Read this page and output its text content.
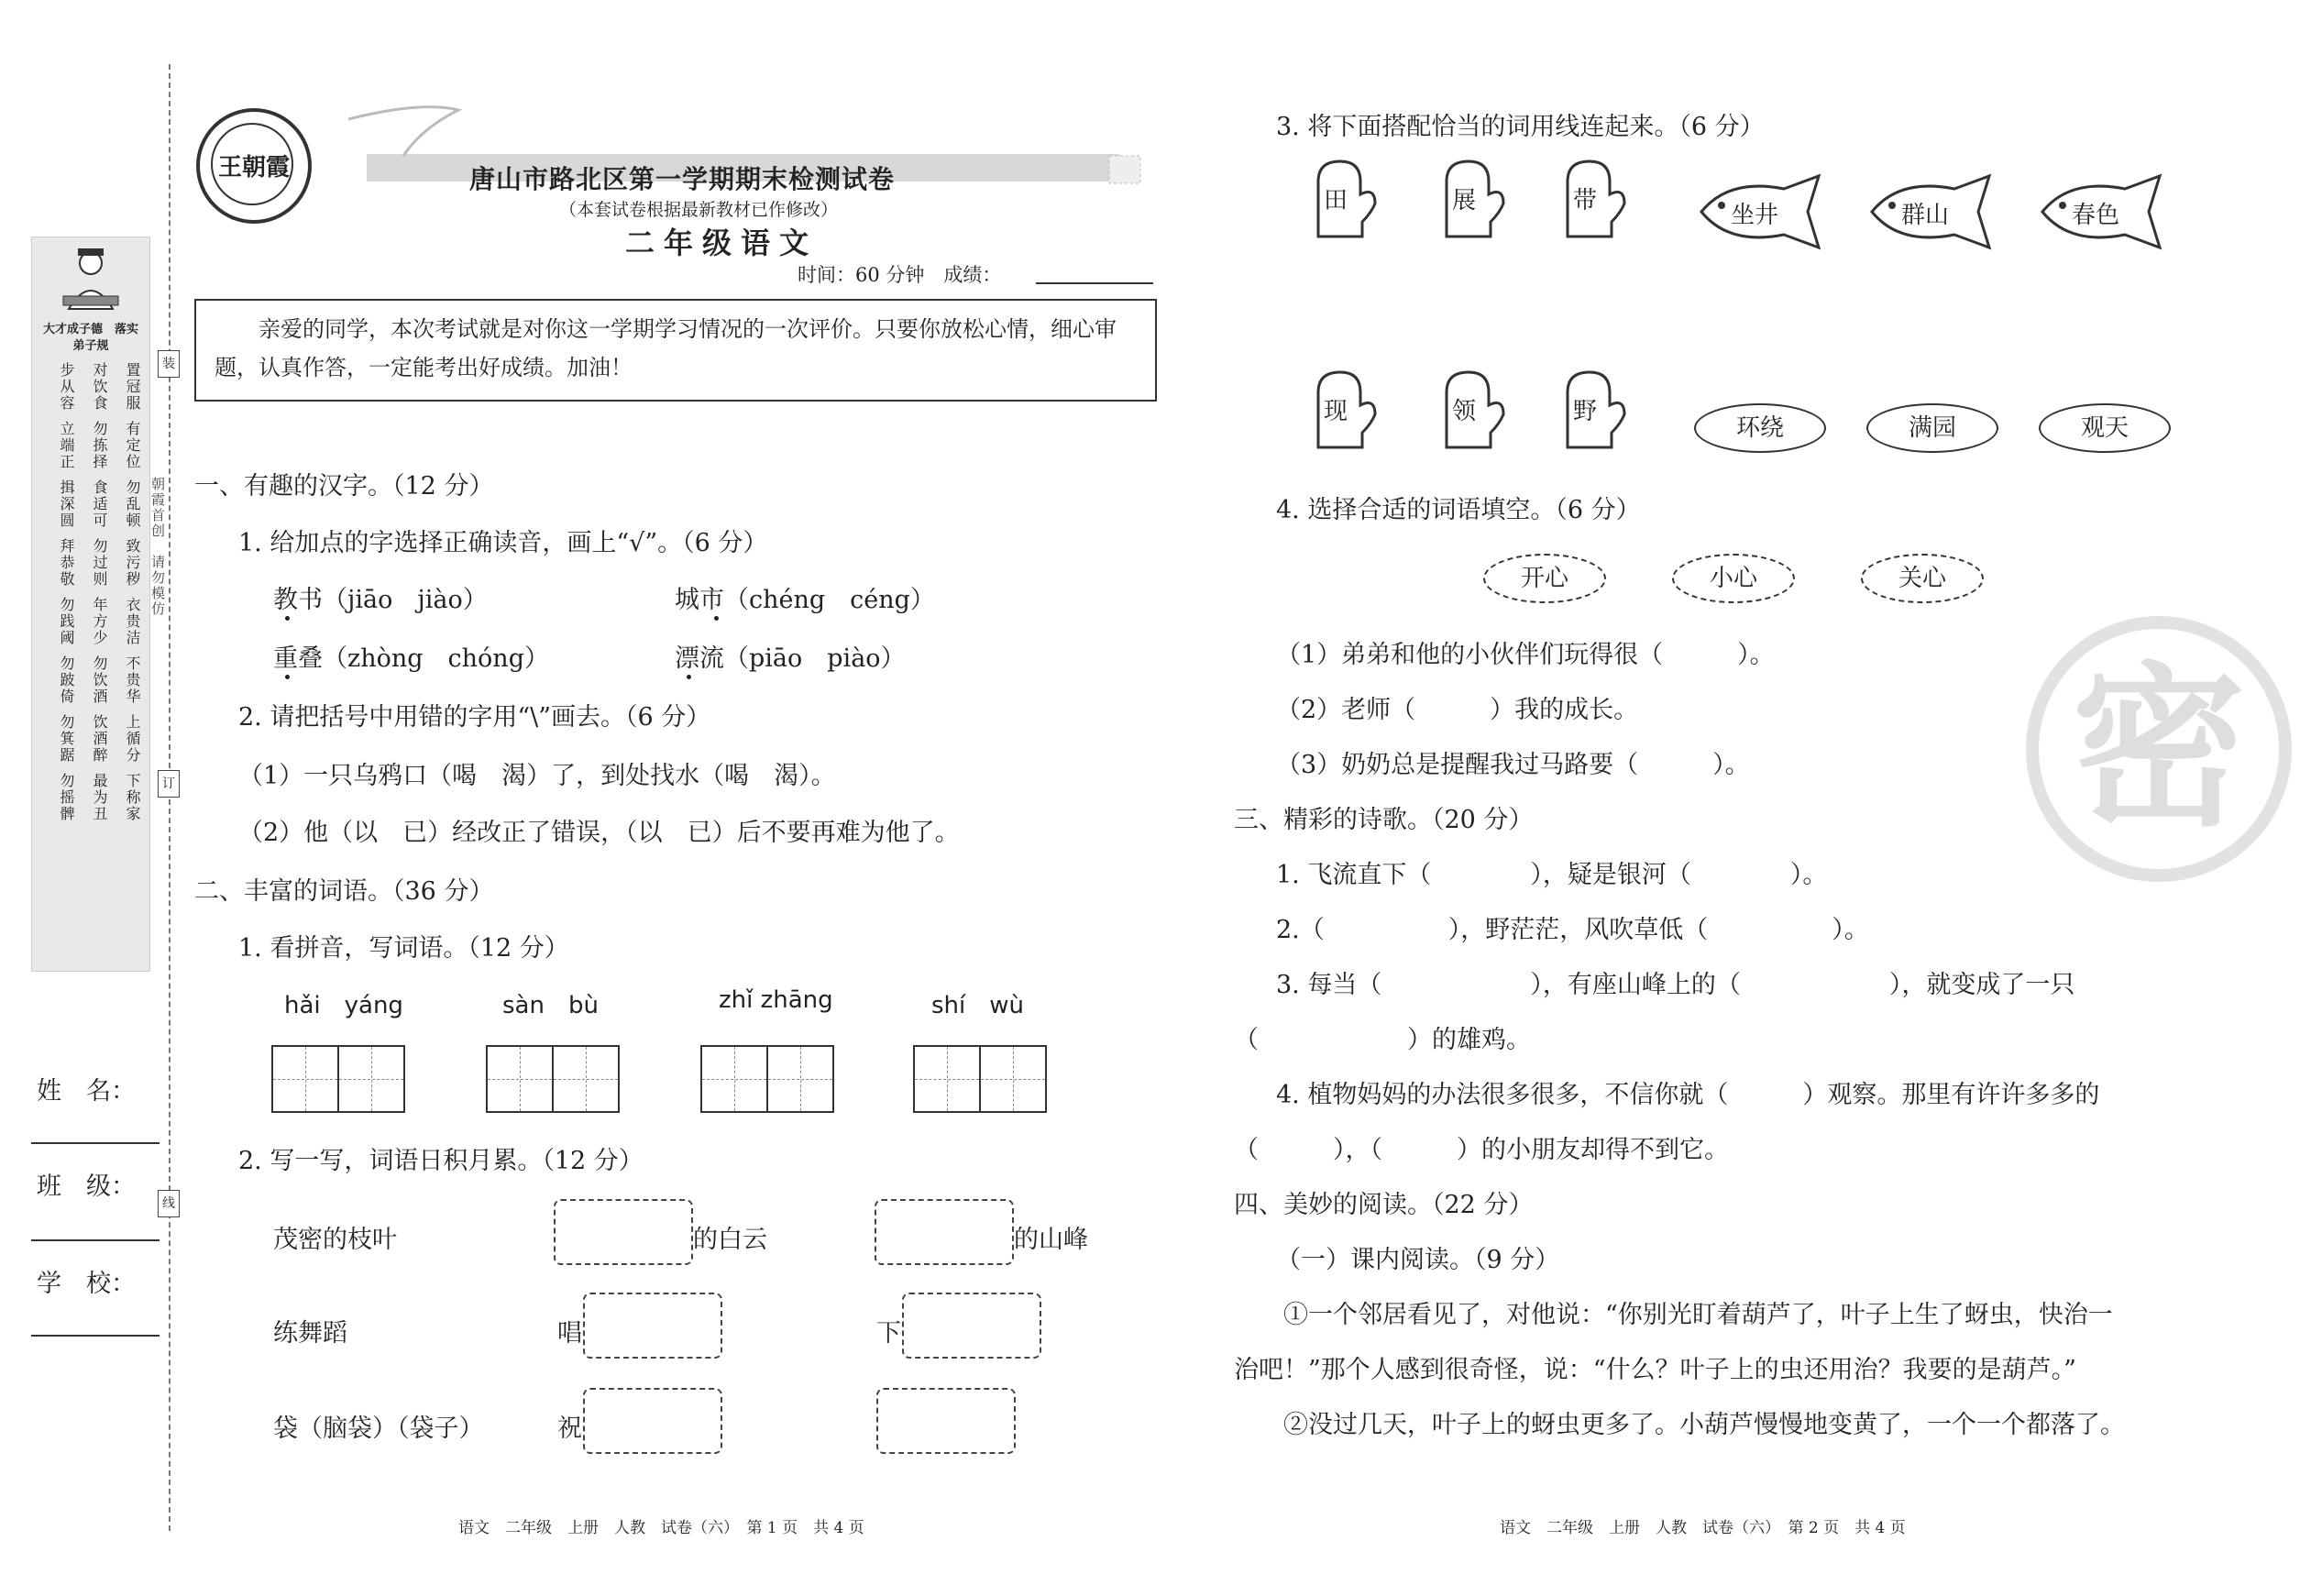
大才成子德　落实弟子规
步从容	对饮食	置冠服
立端正	勿拣择	有定位
揖深圆	食适可	勿乱顿
拜恭敬	勿过则	致污秽
勿践阈	年方少	衣贵洁
勿跛倚	勿饮酒	不贵华
勿箕踞	饮酒醉	上循分
勿摇髀	最为丑	下称家
姓　名：
班　级：
学　校：
装
订
线
朝霞首创　请勿模仿
王朝霞	唐山市路北区第一学期期末检测试卷
（本套试卷根据最新教材已作修改）
二年级语文
时间：60 分钟　成绩：
亲爱的同学，本次考试就是对你这一学期学习情况的一次评价。只要你放松心情，细心审题，认真作答，一定能考出好成绩。加油！
一、有趣的汉字。（12 分）
1. 给加点的字选择正确读音，画上“√”。（6 分）
教书（jiāo　jiào）	城市（chéng　céng）
重叠（zhòng　chóng）	漂流（piāo　piào）
2. 请把括号中用错的字用“\”画去。（6 分）
（1）一只乌鸦口（喝　渴）了，到处找水（喝　渴）。
（2）他（以　已）经改正了错误，（以　已）后不要再难为他了。
二、丰富的词语。（36 分）
1. 看拼音，写词语。（12 分）
hǎi　yáng	sàn　bù	zhǐ zhāng	shí　wù
2. 写一写，词语日积月累。（12 分）
茂密的枝叶	的白云	的山峰
练舞蹈	唱	下
袋（脑袋）（袋子）	祝
语文　二年级　上册　人教　试卷（六）　第 1 页　共 4 页
3. 将下面搭配恰当的词用线连起来。（6 分）
田	展	带
坐井	群山	春色
现	领	野
环绕	满园	观天
4. 选择合适的词语填空。（6 分）
开心	小心	关心
（1）弟弟和他的小伙伴们玩得很（　　　）。
（2）老师（　　　）我的成长。
（3）奶奶总是提醒我过马路要（　　　）。
三、精彩的诗歌。（20 分）
1. 飞流直下（　　　　），疑是银河（　　　　）。
2.（　　　　　），野茫茫，风吹草低（　　　　　）。
3. 每当（　　　　　　），有座山峰上的（　　　　　　），就变成了一只
（　　　　　　）的雄鸡。
4. 植物妈妈的办法很多很多，不信你就（　　　）观察。那里有许许多多的
（　　　），（　　　）的小朋友却得不到它。
四、美妙的阅读。（22 分）
（一）课内阅读。（9 分）
①一个邻居看见了，对他说：“你别光盯着葫芦了，叶子上生了蚜虫，快治一
治吧！”那个人感到很奇怪，说：“什么？叶子上的虫还用治？我要的是葫芦。”
②没过几天，叶子上的蚜虫更多了。小葫芦慢慢地变黄了，一个一个都落了。
密
语文　二年级　上册　人教　试卷（六）　第 2 页　共 4 页
